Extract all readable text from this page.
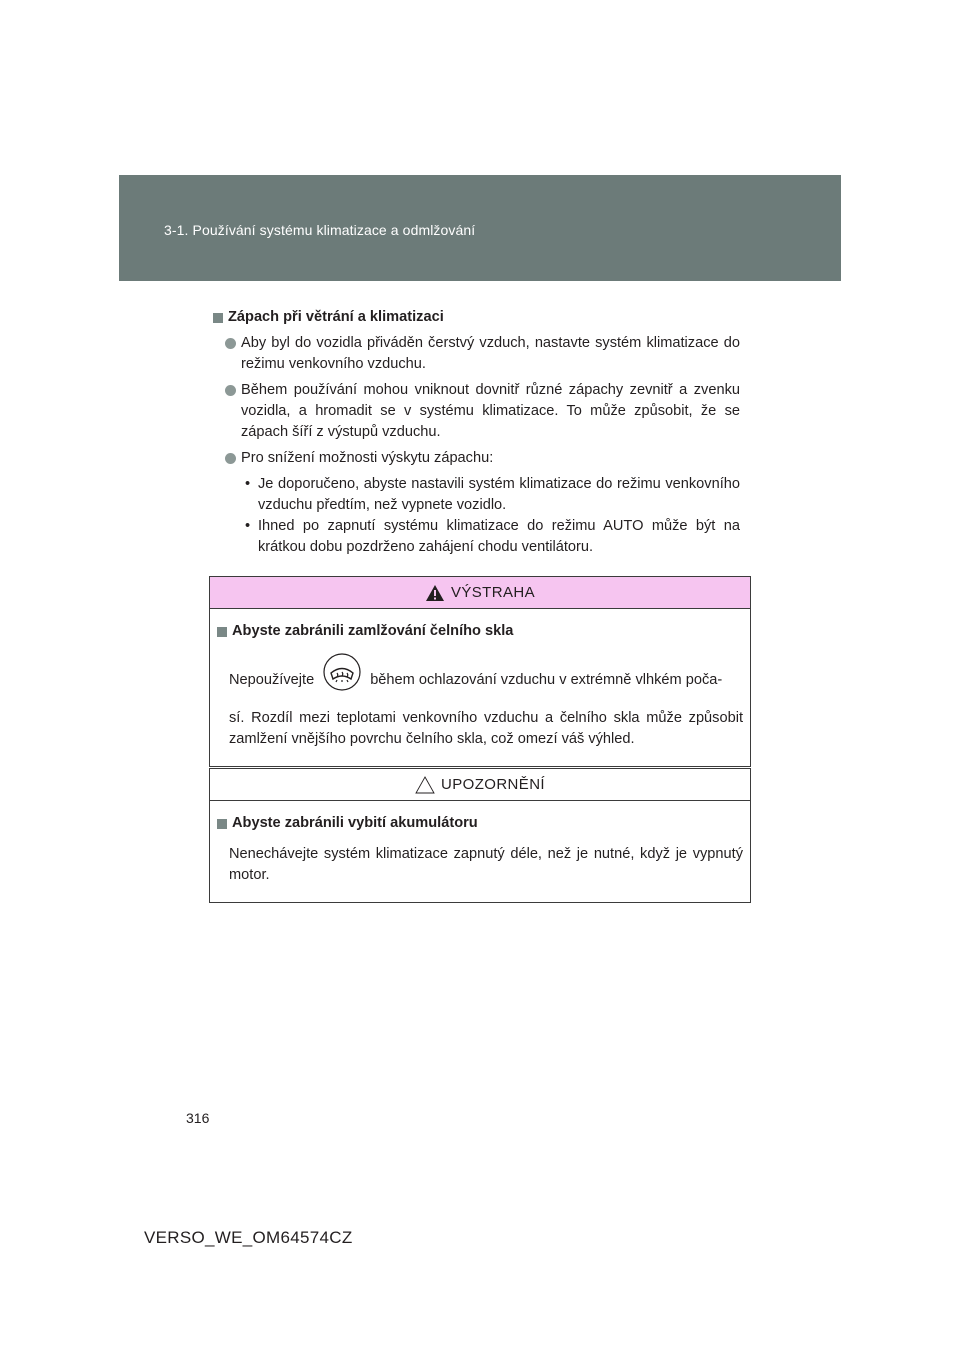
3-1. Používání systému klimatizace a odmlžování
Zápach při větrání a klimatizaci
Aby byl do vozidla přiváděn čerstvý vzduch, nastavte systém klimatizace do režimu venkovního vzduchu.
Během používání mohou vniknout dovnitř různé zápachy zevnitř a zvenku vozidla, a hromadit se v systému klimatizace. To může způsobit, že se zápach šíří z výstupů vzduchu.
Pro snížení možnosti výskytu zápachu:
• Je doporučeno, abyste nastavili systém klimatizace do režimu venkovního vzduchu předtím, než vypnete vozidlo.
• Ihned po zapnutí systému klimatizace do režimu AUTO může být na krátkou dobu pozdrženo zahájení chodu ventilátoru.
VÝSTRAHA
Abyste zabránili zamlžování čelního skla

Nepoužívejte	během ochlazování vzduchu v extrémně vlhkém poča-

sí. Rozdíl mezi teplotami venkovního vzduchu a čelního skla může způsobit zamlžení vnějšího povrchu čelního skla, což omezí váš výhled.

UPOZORNĚNÍ
Abyste zabránili vybití akumulátoru

Nenechávejte systém klimatizace zapnutý déle, než je nutné, když je vypnutý motor.

316
VERSO_WE_OM64574CZ
